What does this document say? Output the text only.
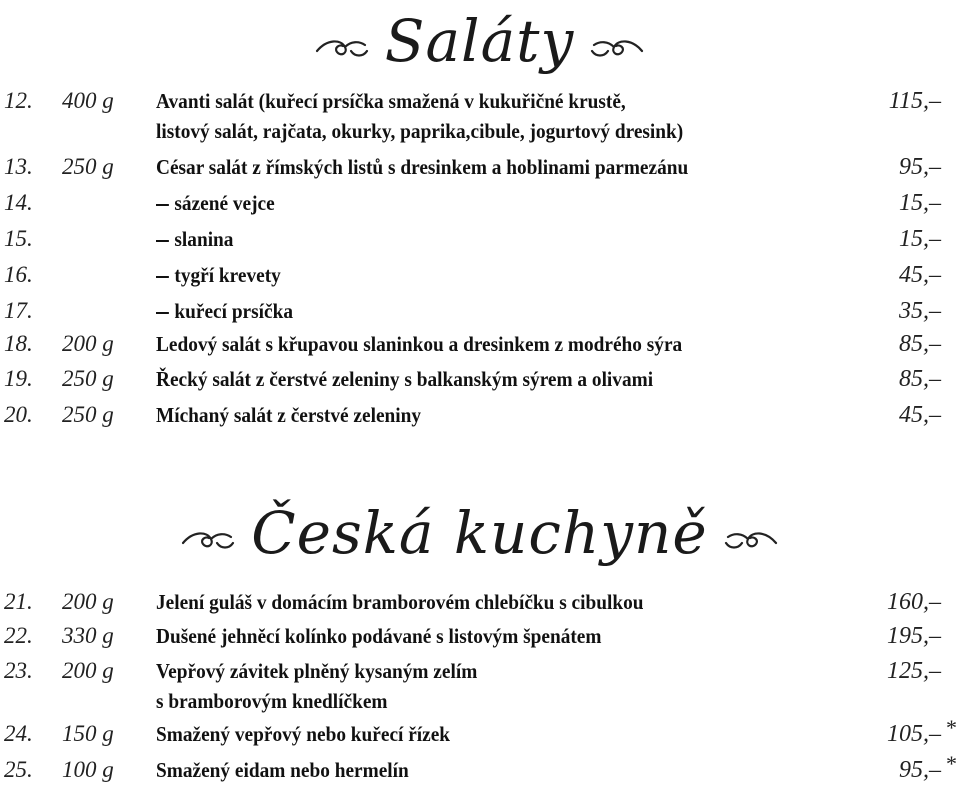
Saláty
12. 400 g Avanti salát (kuřecí prsíčka smažená v kukuřičné krustě,
listový salát, rajčata, okurky, paprika,cibule, jogurtový dresink)
115,–
13. 250 g César salát z římských listů s dresinkem a hoblinami parmezánu	95,–
14.	sázené vejce	15,–
15.	slanina	15,–
16.	tygří krevety	45,–
17.	kuřecí prsíčka	35,–
18. 200 g Ledový salát s křupavou slaninkou a dresinkem z modrého sýra	85,–
19. 250 g Řecký salát z čerstvé zeleniny s balkanským sýrem a olivami	85,–
20. 250 g Míchaný salát z čerstvé zeleniny	45,–
Česká kuchyně
21. 200 g Jelení guláš v domácím bramborovém chlebíčku s cibulkou	160,–
22. 330 g Dušené jehněcí kolínko podávané s listovým špenátem	195,–
23. 200 g Vepřový závitek plněný kysaným zelím
s bramborovým knedlíčkem
125,–
24. 150 g Smažený vepřový nebo kuřecí řízek	105,– *
25. 100 g Smažený eidam nebo hermelín	95,– *
